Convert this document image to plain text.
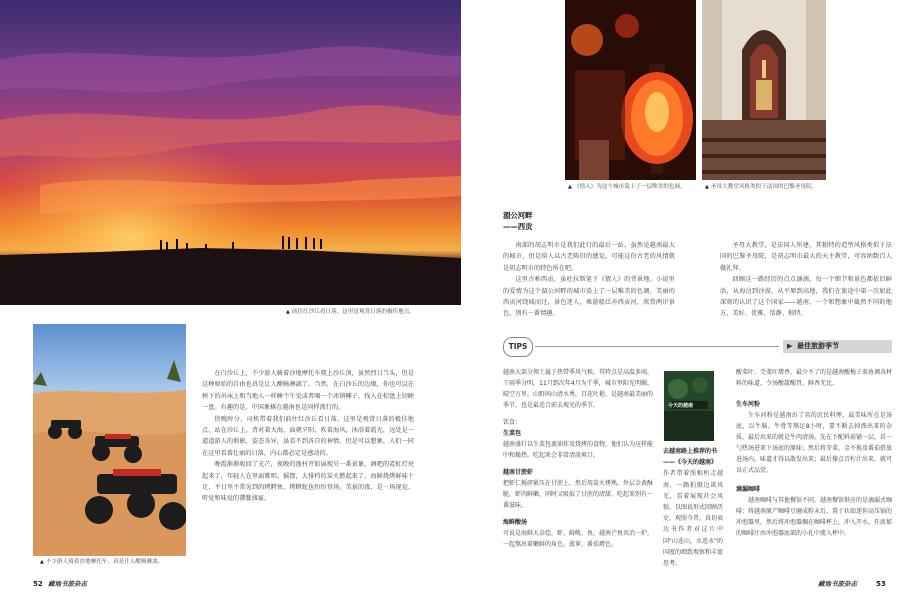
▲ 前往红沙丘看日落，这里是观赏日落的极佳地点。
▲ 不少游人骑着沙地摩托车，真是让人酣畅淋漓。

在白沙丘上，不少游人骑着沙地摩托车爬上沙丘顶，虽然烈日当头，但是这种原始的自由也真是让人酣畅淋漓了。当然，在白沙丘的边缘，你也可以在树下的吊床上和当地人一样睡个午觉或者喝一个冰镇椰子，找人在棕盘上切硬一盘。有趣的是，中国象棋在越南也是同样流行的。

傍晚时分，司机带着我们前往红沙丘看日落，这里是观赏日落的极佳地点。站在沙丘上，背对着大海，面朝夕阳，吹着海风，沐浴着霞光，远处是一道道游人的剪影，姿态各异，虽看不到各自的神情，但是可以想象，人们一同在这里看着壮丽的日落，内心都必定是感动的。

晚霞渐渐收回了光芒，夜晚的渔村开始展现另一番景象，酒吧的霓虹灯亮起来了，年轻人在里面歌唱、摇摆，大排档的炭火燃起来了，海鲜烧烤鲜味十足，平日里不常见到的烤鳄鱼、烤蟒蛇也纷纷登场。美景的夜，是一场视觉、听觉和味觉的饕餮盛宴。

52 藏地书旅杂志
▲ 《情人》为这个城市染上了一层唯美的色调。	▲ 圣母大教堂风格类似于法国的巴黎圣母院。
湄公河畔
——西贡

南部的胡志明市是我们此行的最后一站。虽然是越南最大的城市，但是给人以古老陈旧的感觉，可能这份古老的风情就是胡志明市的特色所在吧。

这里古称西贡，虽杜拉斯笔下《情人》的背景地。小说里的爱情为这个湄公河畔的城市染上了一层唯美的色调。美丽的西贡河绕城而过，景色迷人，乘游船泛舟西贡河，欣赏两岸景色，别有一番情趣。

圣母大教堂，是法国人所建，其独特的造型风格类似于法国的巴黎圣母院，是胡志明市最大的天主教堂，可容纳数百人做礼拜。

回顾这一路经历的点点滴滴，每一个细节和景色都依旧鲜活，从海边到沙漠，从平原到高地，我们在旅途中第一次如此深刻的认识了这个国家——越南，一个和想象中截然不同的地方，美好、优雅、恬静、独特。

TIPS	▶ 最佳旅游季节

越南大部分领土属于热带季风气候，其特点是高温多雨，干雨季分明。11月到次年4月为干季，城市里阳光明媚，晴空万里，山野间山清水秀，百花吐艳，是越南最美丽的季节，也是最适合前去观光的季节。

饮食：

生菜包

越南盛行以生菜包裹油炸及烧烤的食物，他们认为这样能中和燥热。吃起来会非常清淡爽口。

越南甘蔗虾

把虾仁搅碎紧压在甘蔗上，然后用炭火烤熟，外层金黄酥脆，虾肉鲜嫩，同时又吸取了甘蔗的清甜，吃起来别有一番滋味。

海鲜酸汤

可说是海鲜大杂烩，虾、鲜鱿、鱼，越南芒鱼共冶一炉，一起熬出着嫩鲜的角色。菠萝、番茄增色。

今天的越南

去越南路上推荐的书

——《今天的越南》

作者带着照相机走越南，一路拍摄边谈风光，看着展现社会风貌，以图说形式回顾历史，观照今昔，真切表达书作者对这片中国"山连山，水连水"的国度的细致观察和丰富思考。

酸菜叶、芫荽叶增香，最少不了的是越南酸梅子来协调各材料的味道，令汤酸甜醒胃，鲜香无比。

生车河粉

生车河粉是越南出了名的庶民料理，最美味所在是汤底，以牛脑、牛骨等熬足8小时，要不断去掉漂出来的杂质，最后出来的就是牛肉清汤。先在下配料前铺一层，舀一勺热汤进来下汤底的原味；然后将芽菜、金不换及番茄搭放进汤内，味道才得以散发出来；最后撑点青柠汁出来，就可以正式品尝。

滴漏咖啡

越南咖啡与其他餐馆不同，越南餐馆供应的是滴漏式咖啡：将越南原产咖啡豆磨成粉末后，置于状如迷你高压锅的冲泡器里，然后将冲泡器搁在咖啡杯上，冲入开水，任浓郁的咖啡汁由冲泡器底部的小孔中流入杯中。

藏地书旅杂志	53
